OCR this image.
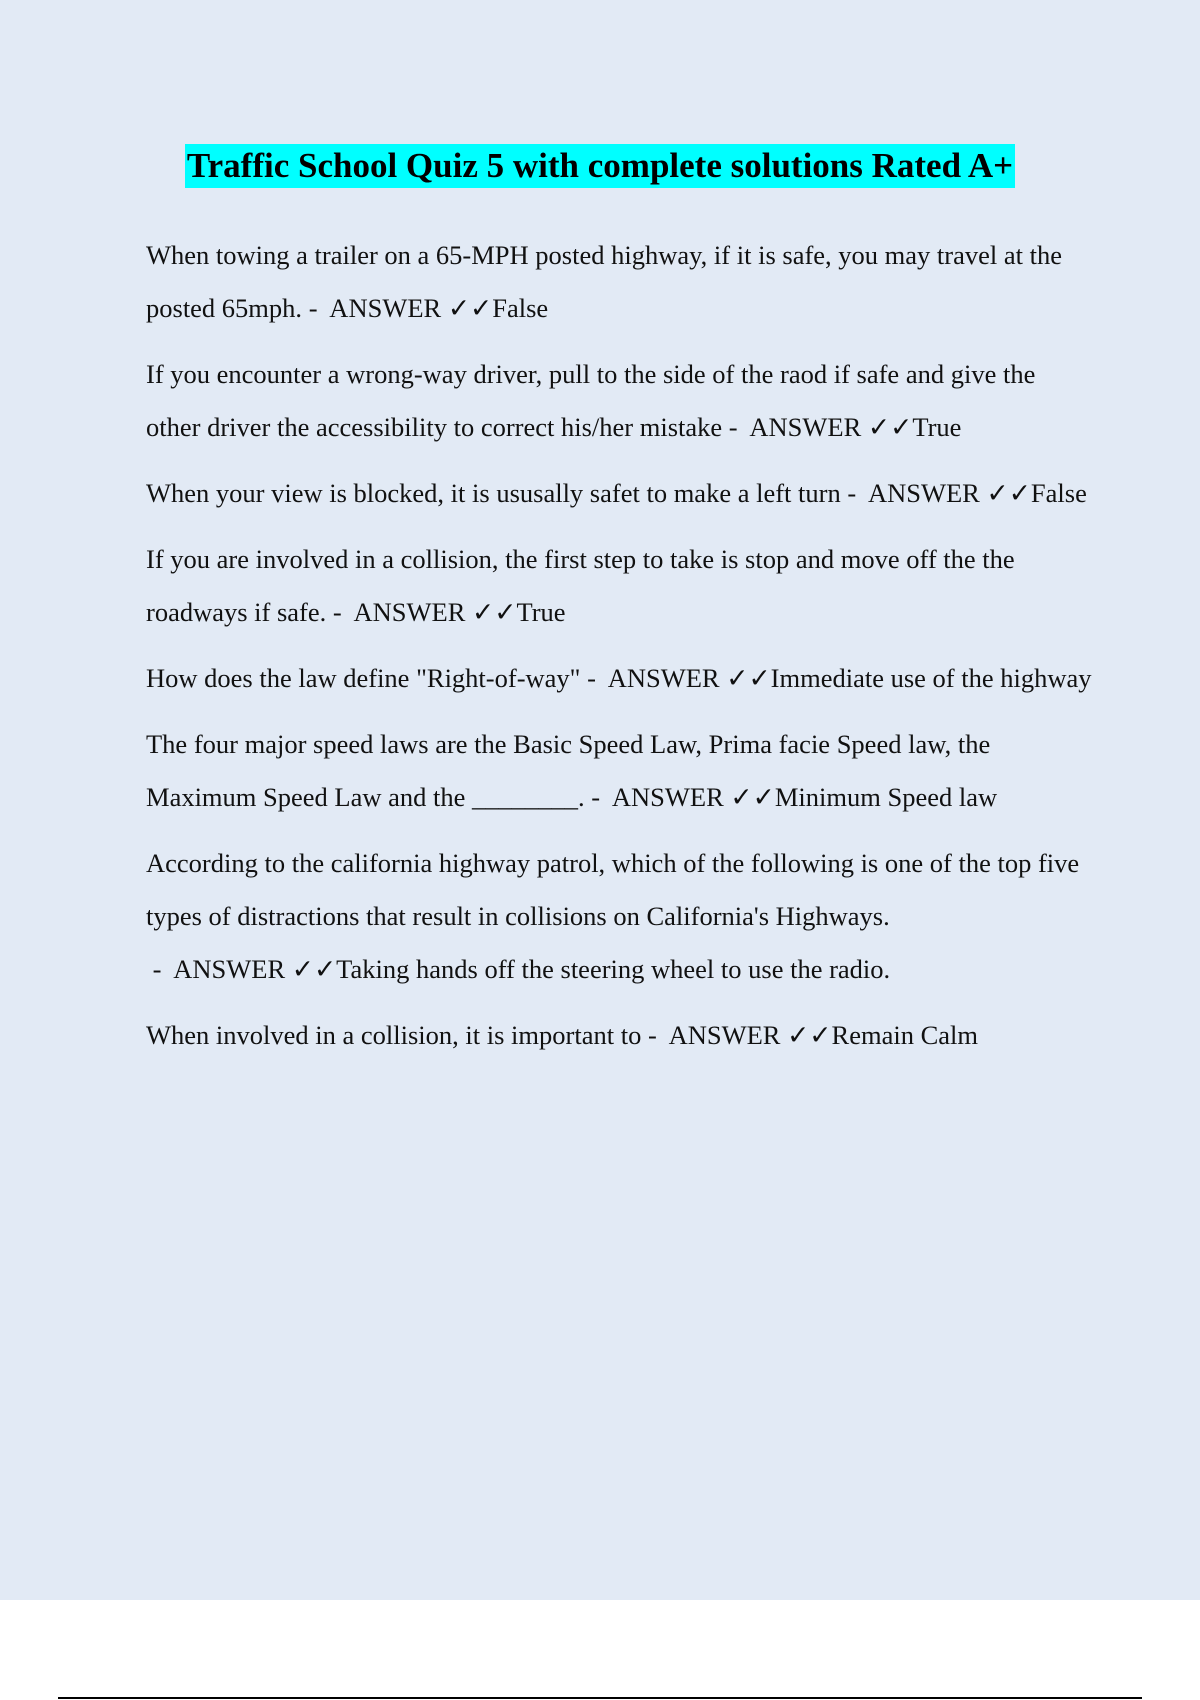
Traffic School Quiz 5 with complete solutions Rated A+

When towing a trailer on a 65-MPH posted highway, if it is safe, you may travel at the posted 65mph. -  ANSWER ✓✓False

If you encounter a wrong-way driver, pull to the side of the raod if safe and give the other driver the accessibility to correct his/her mistake -  ANSWER ✓✓True

When your view is blocked, it is ususally safet to make a left turn -  ANSWER ✓✓False

If you are involved in a collision, the first step to take is stop and move off the the roadways if safe. -  ANSWER ✓✓True

How does the law define "Right-of-way" -  ANSWER ✓✓Immediate use of the highway

The four major speed laws are the Basic Speed Law, Prima facie Speed law, the Maximum Speed Law and the ________. -  ANSWER ✓✓Minimum Speed law

According to the california highway patrol, which of the following is one of the top five types of distractions that result in collisions on California's Highways. -  ANSWER ✓✓Taking hands off the steering wheel to use the radio.

When involved in a collision, it is important to -  ANSWER ✓✓Remain Calm
